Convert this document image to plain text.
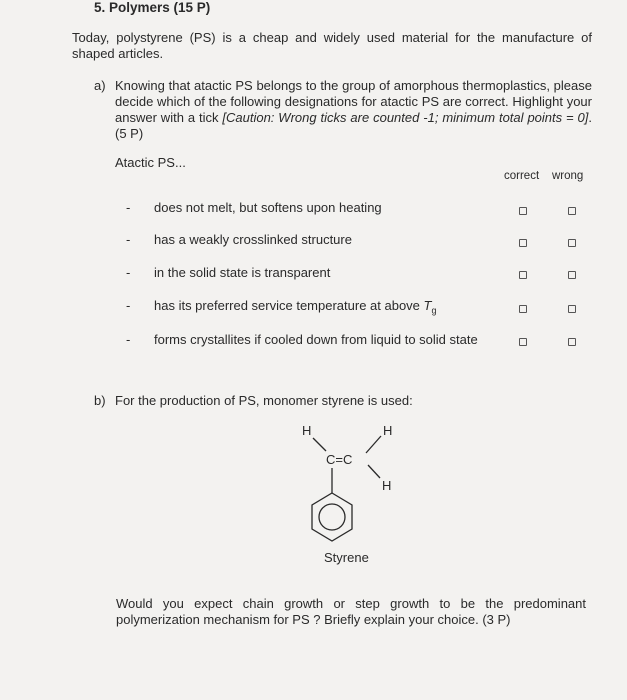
5. Polymers (15 P)
Today, polystyrene (PS) is a cheap and widely used material for the manufacture of shaped articles.
a) Knowing that atactic PS belongs to the group of amorphous thermoplastics, please decide which of the following designations for atactic PS are correct. Highlight your answer with a tick [Caution: Wrong ticks are counted -1; minimum total points = 0]. (5 P)
Atactic PS...
correct wrong
- does not melt, but softens upon heating
- has a weakly crosslinked structure
- in the solid state is transparent
- has its preferred service temperature at above $T_g$
- forms crystallites if cooled down from liquid to solid state
b) For the production of PS, monomer styrene is used:
H	H
C=C
H
Styrene
Would you expect chain growth or step growth to be the predominant polymerization mechanism for PS ? Briefly explain your choice. (3 P)
